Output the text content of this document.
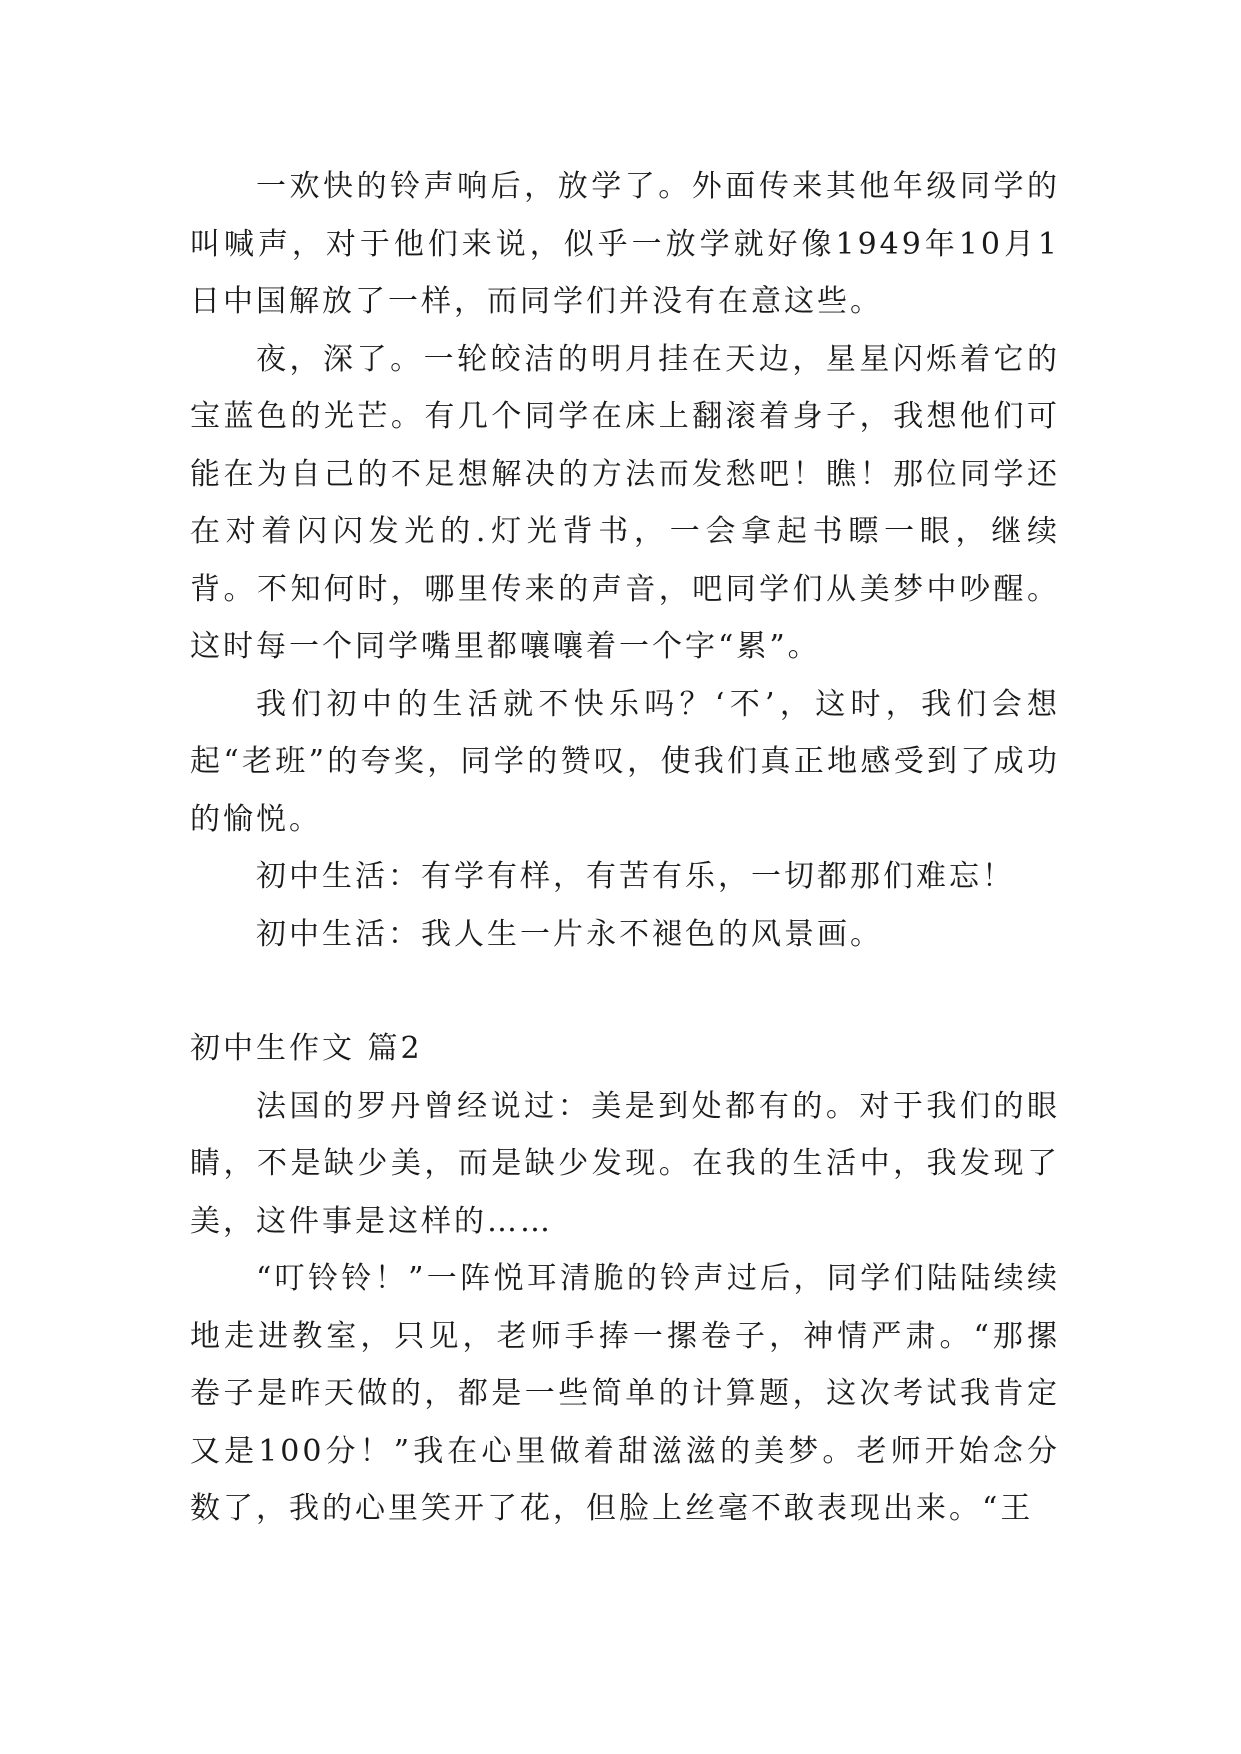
一欢快的铃声响后，放学了。外面传来其他年级同学的叫喊声，对于他们来说，似乎一放学就好像1949年10月1日中国解放了一样，而同学们并没有在意这些。

夜，深了。一轮皎洁的明月挂在天边，星星闪烁着它的宝蓝色的光芒。有几个同学在床上翻滚着身子，我想他们可能在为自己的不足想解决的方法而发愁吧！瞧！那位同学还在对着闪闪发光的.灯光背书，一会拿起书瞟一眼，继续背。不知何时，哪里传来的声音，吧同学们从美梦中吵醒。这时每一个同学嘴里都嚷嚷着一个字“累”。

我们初中的生活就不快乐吗？‘不’，这时，我们会想起“老班”的夸奖，同学的赞叹，使我们真正地感受到了成功的愉悦。

初中生活：有学有样，有苦有乐，一切都那们难忘！

初中生活：我人生一片永不褪色的风景画。

初中生作文 篇2

法国的罗丹曾经说过：美是到处都有的。对于我们的眼睛，不是缺少美，而是缺少发现。在我的生活中，我发现了美，这件事是这样的……

“叮铃铃！”一阵悦耳清脆的铃声过后，同学们陆陆续续地走进教室，只见，老师手捧一摞卷子，神情严肃。“那摞卷子是昨天做的，都是一些简单的计算题，这次考试我肯定又是100分！”我在心里做着甜滋滋的美梦。老师开始念分数了，我的心里笑开了花，但脸上丝毫不敢表现出来。“王
